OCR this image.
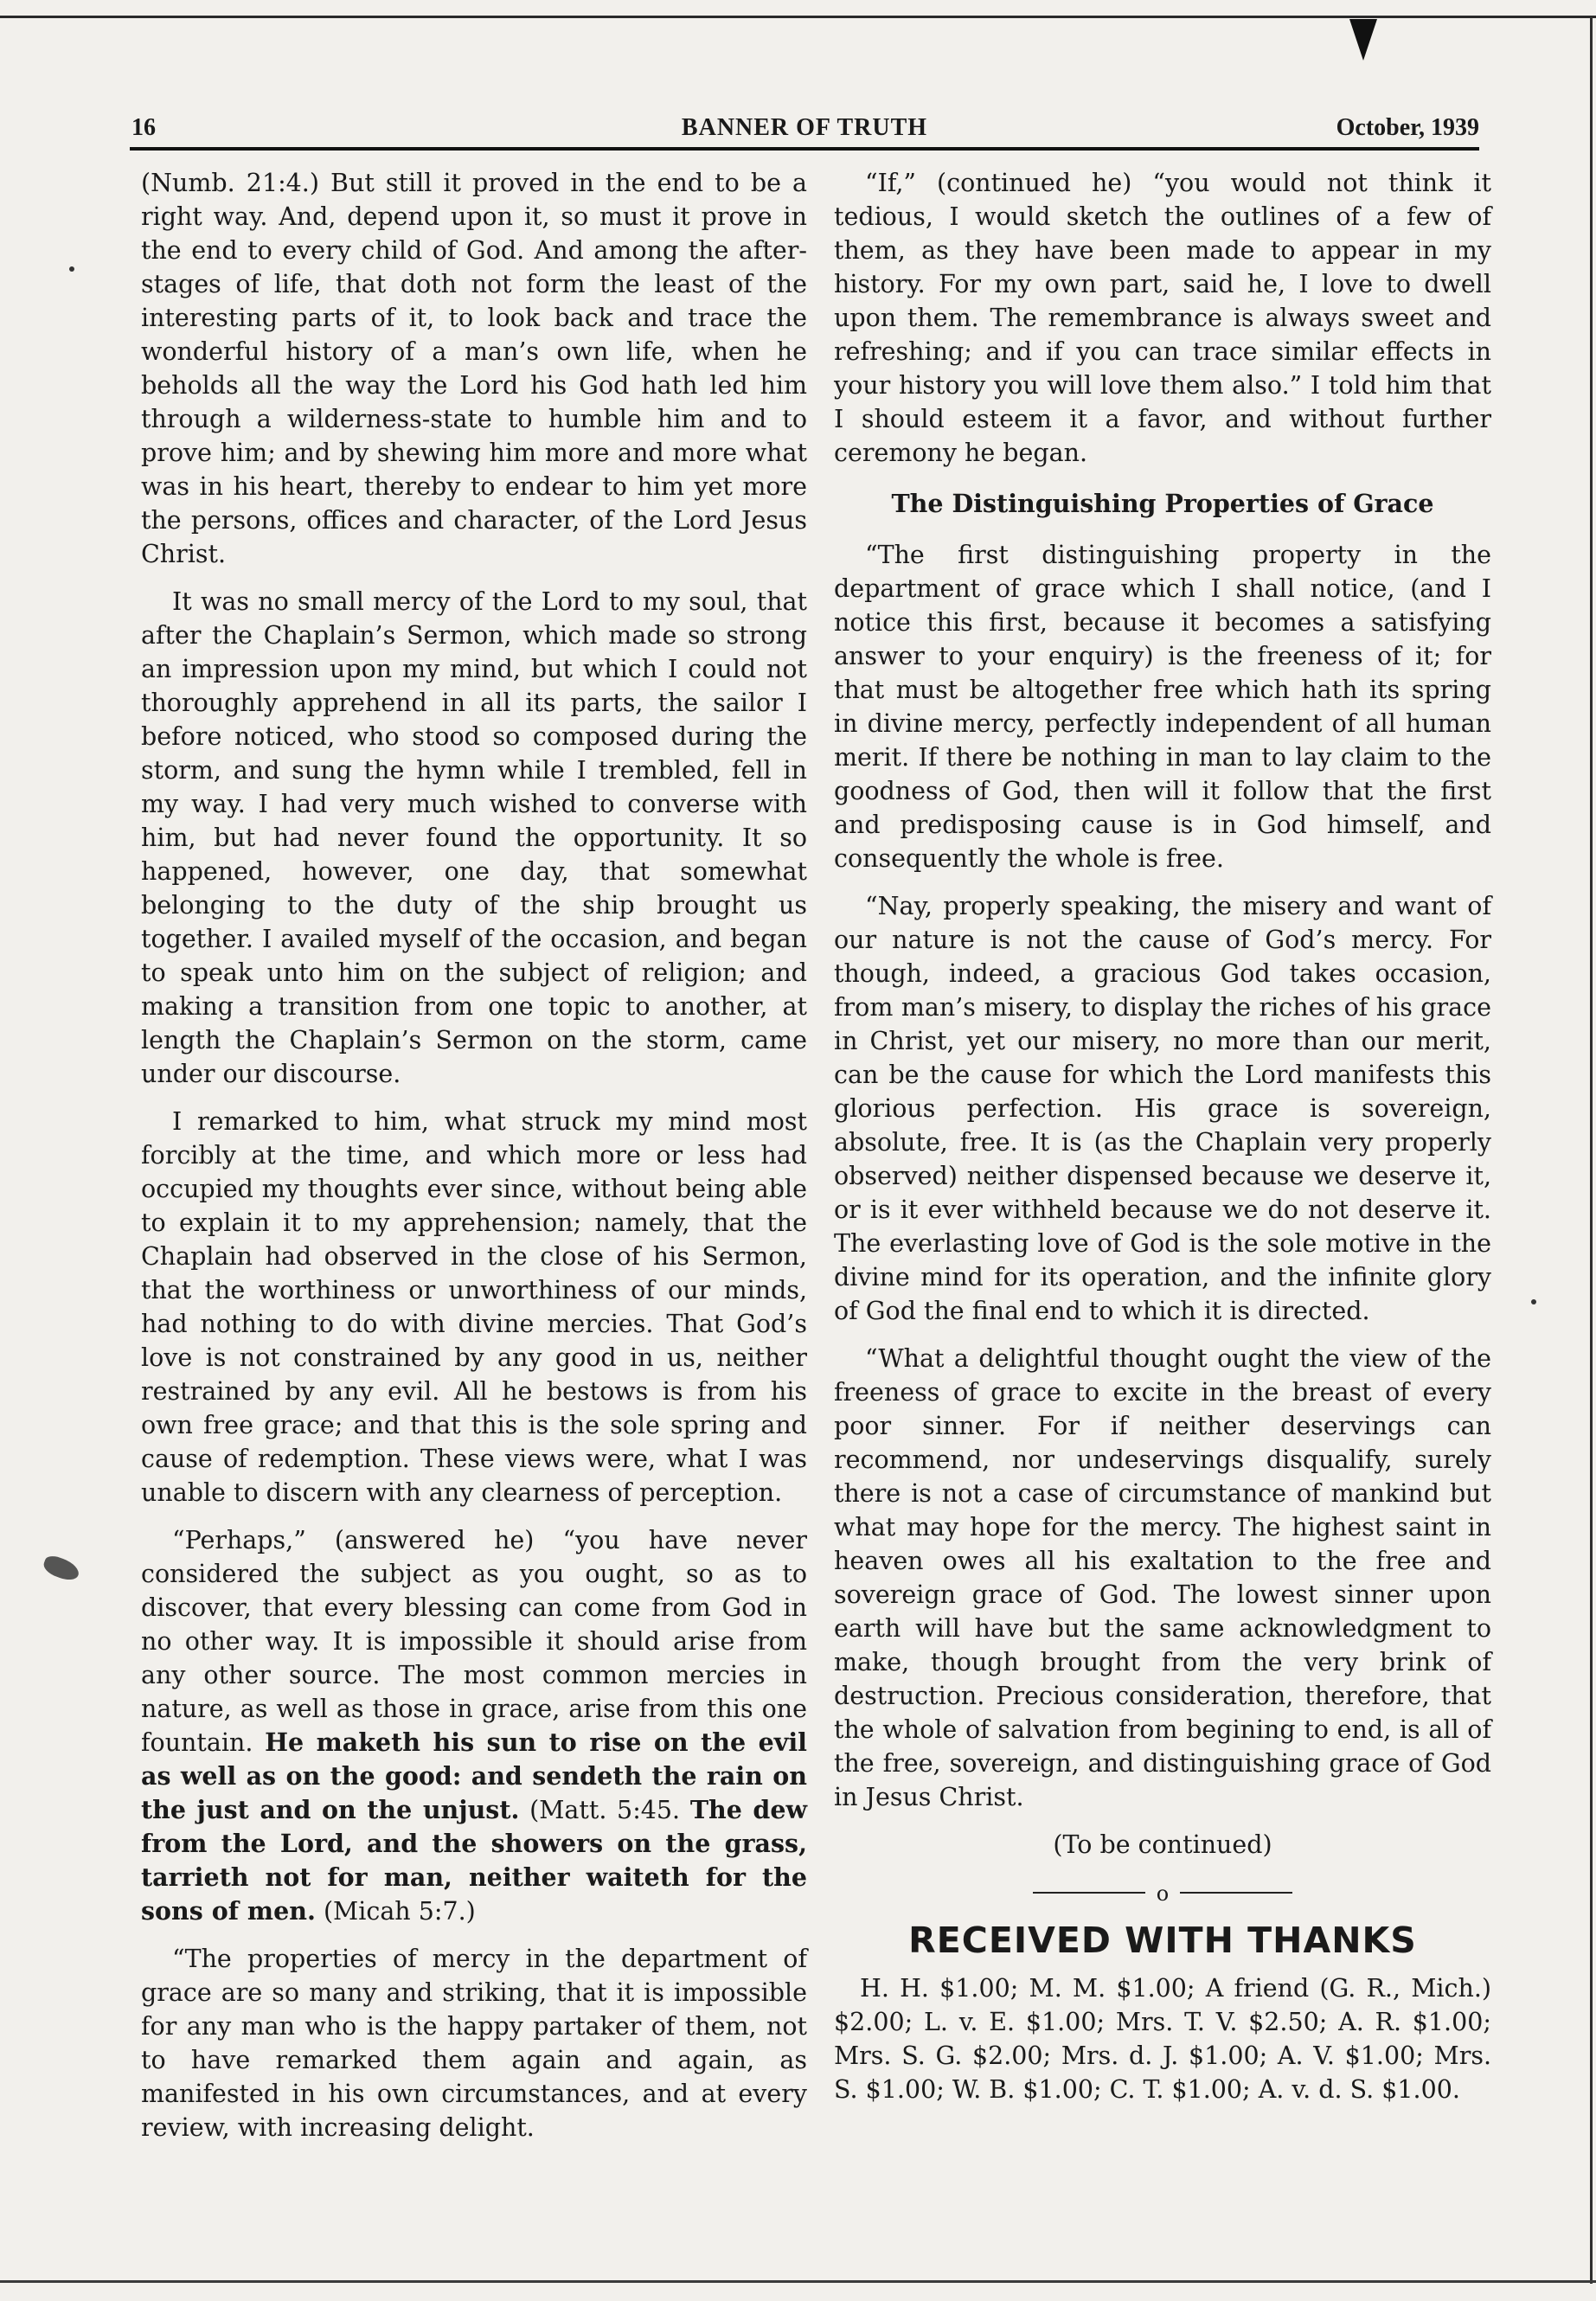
16	BANNER OF TRUTH	October, 1939

(Numb. 21:4.) But still it proved in the end to be a right way. And, depend upon it, so must it prove in the end to every child of God. And among the after-stages of life, that doth not form the least of the interesting parts of it, to look back and trace the wonderful history of a man’s own life, when he beholds all the way the Lord his God hath led him through a wilderness-state to humble him and to prove him; and by shewing him more and more what was in his heart, thereby to endear to him yet more the persons, offices and character, of the Lord Jesus Christ.

It was no small mercy of the Lord to my soul, that after the Chaplain’s Sermon, which made so strong an impression upon my mind, but which I could not thoroughly apprehend in all its parts, the sailor I before noticed, who stood so composed during the storm, and sung the hymn while I trembled, fell in my way. I had very much wished to converse with him, but had never found the opportunity. It so happened, however, one day, that somewhat belonging to the duty of the ship brought us together. I availed myself of the occasion, and began to speak unto him on the subject of religion; and making a transition from one topic to another, at length the Chaplain’s Sermon on the storm, came under our discourse.

I remarked to him, what struck my mind most forcibly at the time, and which more or less had occupied my thoughts ever since, without being able to explain it to my apprehension; namely, that the Chaplain had observed in the close of his Sermon, that the worthiness or unworthiness of our minds, had nothing to do with divine mercies. That God’s love is not constrained by any good in us, neither restrained by any evil. All he bestows is from his own free grace; and that this is the sole spring and cause of redemption. These views were, what I was unable to discern with any clearness of perception.

“Perhaps,” (answered he) “you have never considered the subject as you ought, so as to discover, that every blessing can come from God in no other way. It is impossible it should arise from any other source. The most common mercies in nature, as well as those in grace, arise from this one fountain. He maketh his sun to rise on the evil as well as on the good: and sendeth the rain on the just and on the unjust. (Matt. 5:45. The dew from the Lord, and the showers on the grass, tarrieth not for man, neither waiteth for the sons of men. (Micah 5:7.)

“The properties of mercy in the department of grace are so many and striking, that it is impossible for any man who is the happy partaker of them, not to have remarked them again and again, as manifested in his own circumstances, and at every review, with increasing delight.

“If,” (continued he) “you would not think it tedious, I would sketch the outlines of a few of them, as they have been made to appear in my history. For my own part, said he, I love to dwell upon them. The remembrance is always sweet and refreshing; and if you can trace similar effects in your history you will love them also.” I told him that I should esteem it a favor, and without further ceremony he began.

The Distinguishing Properties of Grace

“The first distinguishing property in the department of grace which I shall notice, (and I notice this first, because it becomes a satisfying answer to your enquiry) is the freeness of it; for that must be altogether free which hath its spring in divine mercy, perfectly independent of all human merit. If there be nothing in man to lay claim to the goodness of God, then will it follow that the first and predisposing cause is in God himself, and consequently the whole is free.

“Nay, properly speaking, the misery and want of our nature is not the cause of God’s mercy. For though, indeed, a gracious God takes occasion, from man’s misery, to display the riches of his grace in Christ, yet our misery, no more than our merit, can be the cause for which the Lord manifests this glorious perfection. His grace is sovereign, absolute, free. It is (as the Chaplain very properly observed) neither dispensed because we deserve it, or is it ever withheld because we do not deserve it. The everlasting love of God is the sole motive in the divine mind for its operation, and the infinite glory of God the final end to which it is directed.

“What a delightful thought ought the view of the freeness of grace to excite in the breast of every poor sinner. For if neither deservings can recommend, nor undeservings disqualify, surely there is not a case of circumstance of mankind but what may hope for the mercy. The highest saint in heaven owes all his exaltation to the free and sovereign grace of God. The lowest sinner upon earth will have but the same acknowledgment to make, though brought from the very brink of destruction. Precious consideration, therefore, that the whole of salvation from begining to end, is all of the free, sovereign, and distinguishing grace of God in Jesus Christ.

(To be continued)
o
RECEIVED WITH THANKS

H. H. $1.00; M. M. $1.00; A friend (G. R., Mich.) $2.00; L. v. E. $1.00; Mrs. T. V. $2.50; A. R. $1.00; Mrs. S. G. $2.00; Mrs. d. J. $1.00; A. V. $1.00; Mrs. S. $1.00; W. B. $1.00; C. T. $1.00; A. v. d. S. $1.00.
